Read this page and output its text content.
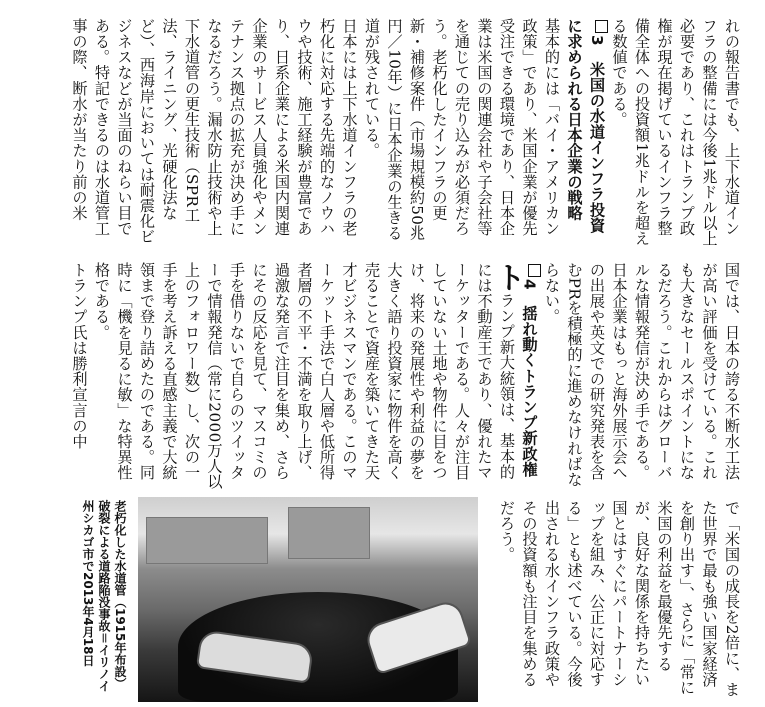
れの報告書でも、上下水道インフラの整備には今後1兆ドル以上必要であり、これはトランプ政権が現在掲げているインフラ整備全体への投資額1兆ドルを超える数値である。

3　米国の水道インフラ投資に求められる日本企業の戦略

基本的には「バイ・アメリカン政策」であり、米国企業が優先受注できる環境であり、日本企業は米国の関連会社や子会社等を通じての売り込みが必須だろう。老朽化したインフラの更新・補修案件（市場規模約50兆円／10年）に日本企業の生きる道が残されている。

日本には上下水道インフラの老朽化に対応する先端的なノウハウや技術、施工経験が豊富であり、日系企業による米国内関連企業のサービス人員強化やメンテナンス拠点の拡充が決め手になるだろう。漏水防止技術や上下水道管の更生技術（SPR工法、ライニング、光硬化法など）、西海岸においては耐震化ビジネスなどが当面のねらい目である。特記できるのは水道管工事の際、断水が当たり前の米

国では、日本の誇る不断水工法が高い評価を受けている。これも大きなセールスポイントになるだろう。これからはグローバルな情報発信が決め手である。日本企業はもっと海外展示会への出展や英文での研究発表を含むPRを積極的に進めなければならない。

4　揺れ動くトランプ新政権

トランプ新大統領は、基本的には不動産王であり、優れたマーケッターである。人々が注目していない土地や物件に目をつけ、将来の発展性や利益の夢を大きく語り投資家に物件を高く売ることで資産を築いてきた天才ビジネスマンである。このマーケット手法で白人層や低所得者層の不平・不満を取り上げ、過激な発言で注目を集め、さらにその反応を見て、マスコミの手を借りないで自らのツイッターで情報発信（常に2000万人以上のフォロワー数）し、次の一手を考え訴える直感主義で大統領まで登り詰めたのである。同時に「機を見るに敏」な特異性格である。

トランプ氏は勝利宣言の中

で「米国の成長を2倍に、また世界で最も強い国家経済を創り出す」、さらに「常に米国の利益を最優先するが、良好な関係を持ちたい国とはすぐにパートナーシップを組み、公正に対応する」とも述べている。今後出される水インフラ政策やその投資額も注目を集めるだろう。

老朽化した水道管（1915年布設）破裂による道路陥没事故＝イリノイ州シカゴ市で2013年4月18日
